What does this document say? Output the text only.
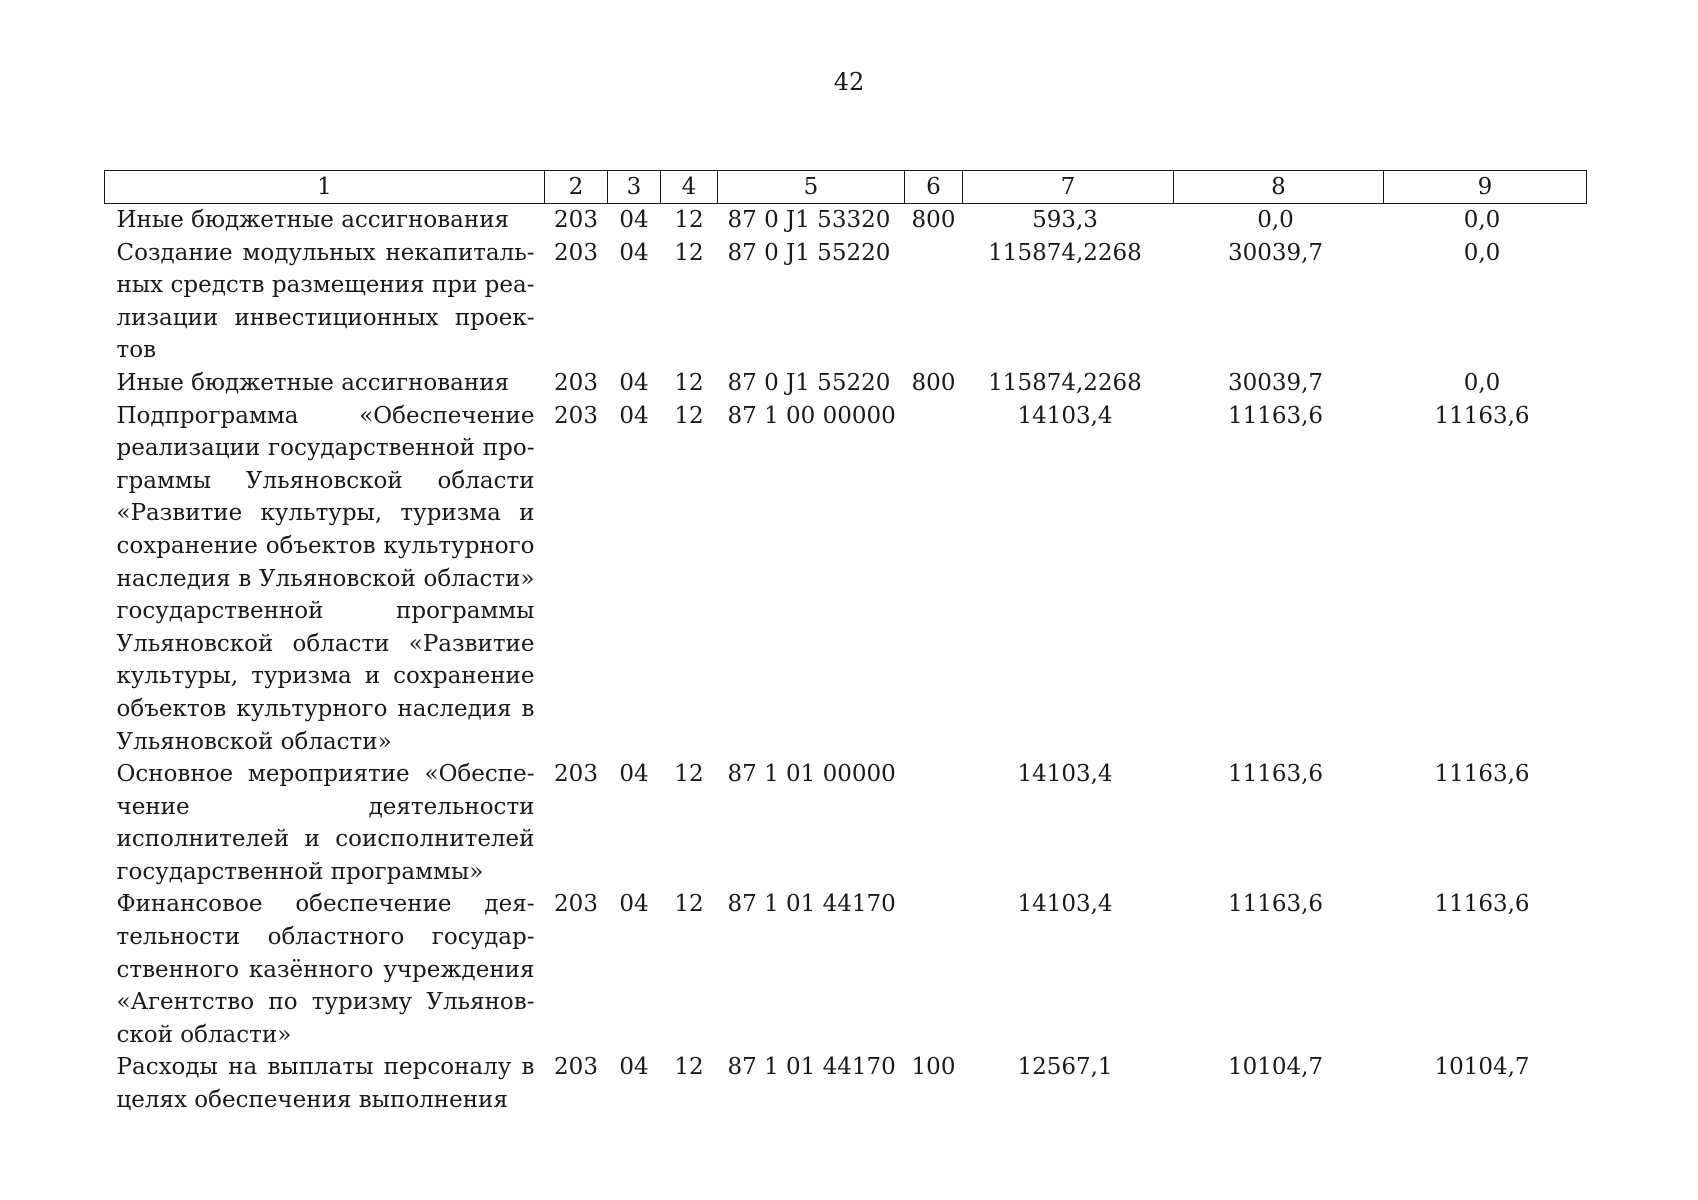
42
1	2	3	4	5	6	7	8	9
Иные бюджетные ассигнования	203	04	12	87 0 J1 53320	800	593,3	0,0	0,0
Создание модульных некапитальных средств размещения при реализации инвестиционных проектов	203	04	12	87 0 J1 55220		115874,2268	30039,7	0,0
Иные бюджетные ассигнования	203	04	12	87 0 J1 55220	800	115874,2268	30039,7	0,0
Подпрограмма «Обеспечение реализации государственной программы Ульяновской области «Развитие культуры, туризма и сохранение объектов культурного наследия в Ульяновской области» государственной программы Ульяновской области «Развитие культуры, туризма и сохранение объектов культурного наследия в Ульяновской области»	203	04	12	87 1 00 00000		14103,4	11163,6	11163,6
Основное мероприятие «Обеспечение деятельности исполнителей и соисполнителей государственной программы»	203	04	12	87 1 01 00000		14103,4	11163,6	11163,6
Финансовое обеспечение деятельности областного государственного казённого учреждения «Агентство по туризму Ульяновской области»	203	04	12	87 1 01 44170		14103,4	11163,6	11163,6
Расходы на выплаты персоналу в целях обеспечения выполнения	203	04	12	87 1 01 44170	100	12567,1	10104,7	10104,7
